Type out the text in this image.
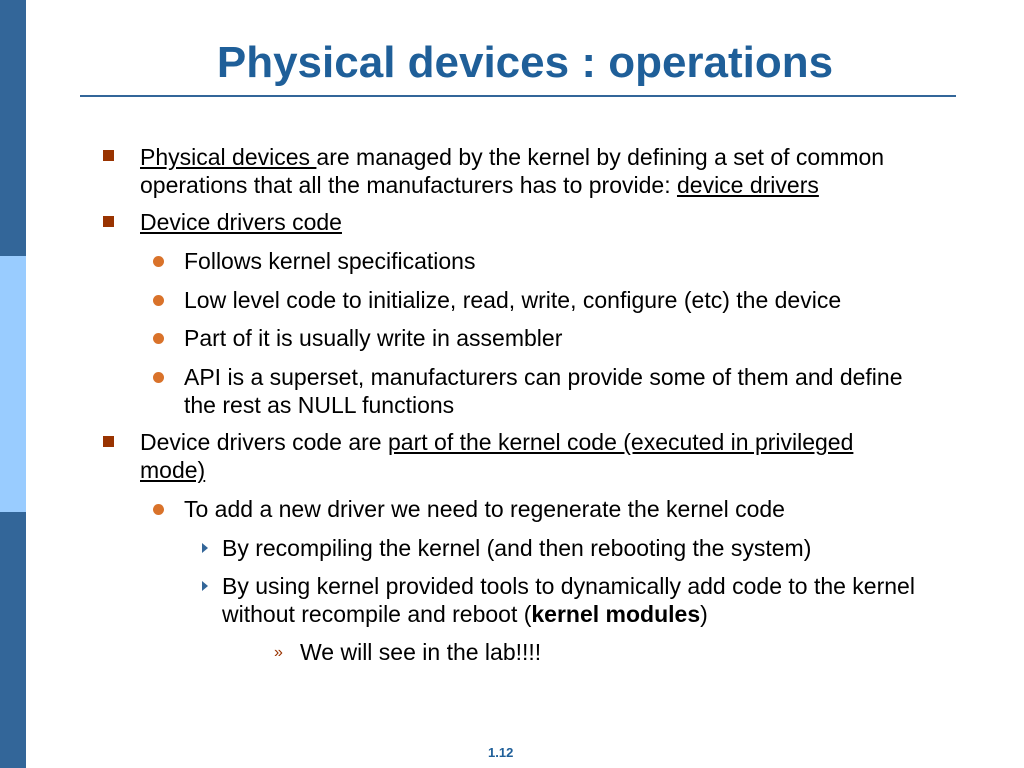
Physical devices : operations
Physical devices are managed by the kernel by defining a set of common
operations that all the manufacturers has to provide: device drivers
Device drivers code
Follows kernel specifications
Low level code to initialize, read, write, configure (etc) the device
Part of it is usually write in assembler
API is a superset, manufacturers can provide some of them and define
the rest as NULL functions
Device drivers code are part of the kernel code (executed in privileged
mode)
To add a new driver we need to regenerate the kernel code
By recompiling the kernel (and then rebooting the system)
By using kernel provided tools to dynamically add code to the kernel
without recompile and reboot (kernel modules)
» We will see in the lab!!!!
1.12
